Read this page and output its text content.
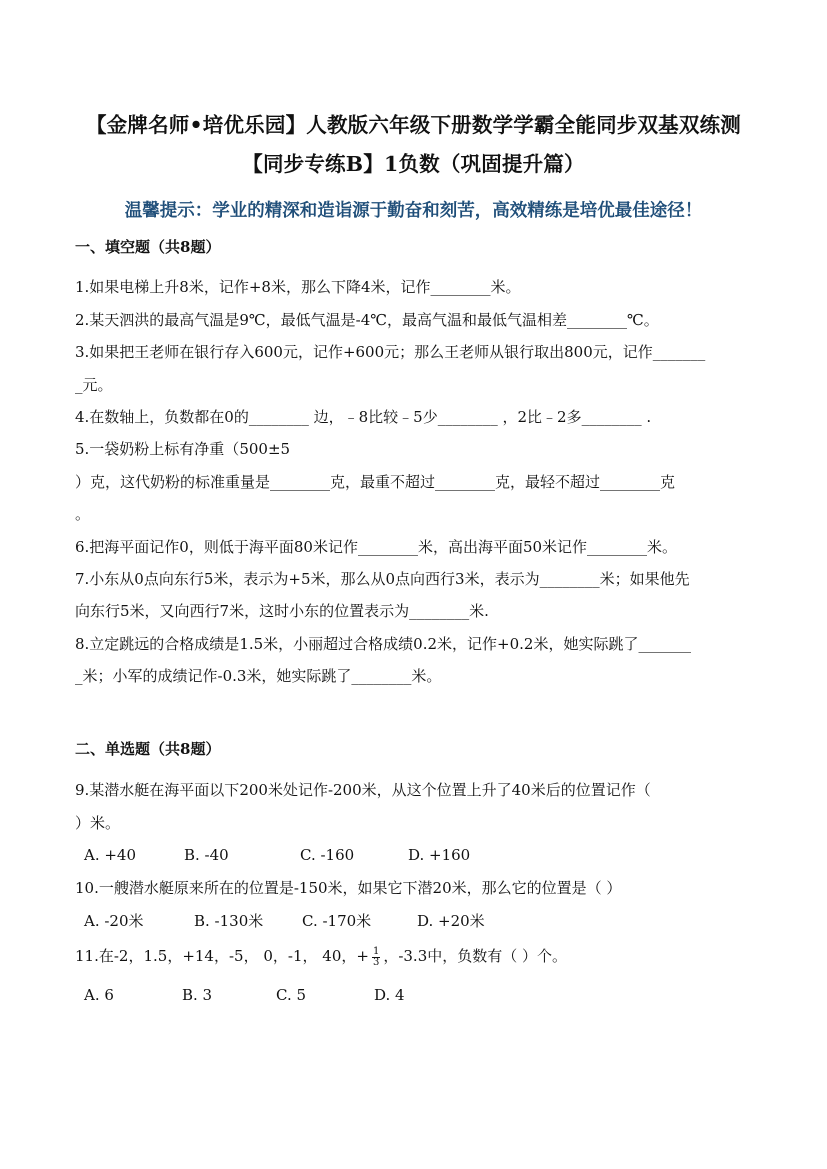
【金牌名师•培优乐园】人教版六年级下册数学学霸全能同步双基双练测
【同步专练B】1负数（巩固提升篇）
温馨提示：学业的精深和造诣源于勤奋和刻苦，高效精练是培优最佳途径！
一、填空题（共8题）
1.如果电梯上升8米，记作+8米，那么下降4米，记作________米。
2.某天泗洪的最高气温是9℃，最低气温是-4℃，最高气温和最低气温相差________℃。
3.如果把王老师在银行存入600元，记作+600元；那么王老师从银行取出800元，记作_______
_元。
4.在数轴上，负数都在0的________ 边，﹣8比较﹣5少________ ，2比﹣2多________ .
5.一袋奶粉上标有净重（500±5
）克，这代奶粉的标准重量是________克，最重不超过________克，最轻不超过________克
。
6.把海平面记作0，则低于海平面80米记作________米，高出海平面50米记作________米。
7.小东从0点向东行5米，表示为+5米，那么从0点向西行3米，表示为________米；如果他先
向东行5米，又向西行7米，这时小东的位置表示为________米.
8.立定跳远的合格成绩是1.5米，小丽超过合格成绩0.2米，记作+0.2米，她实际跳了_______
_米；小军的成绩记作-0.3米，她实际跳了________米。
二、单选题（共8题）
9.某潜水艇在海平面以下200米处记作-200米，从这个位置上升了40米后的位置记作（
）米。
A. +40	B. -40	C. -160	D. +160
10.一艘潜水艇原来所在的位置是-150米，如果它下潜20米，那么它的位置是（ ）
A. -20米	B. -130米	C. -170米	D. +20米
11.在-2，1.5，+14，-5， 0，-1， 40，+ $\frac{1}{3}$ ，-3.3中，负数有（ ）个。
A. 6	B. 3	C. 5	D. 4
